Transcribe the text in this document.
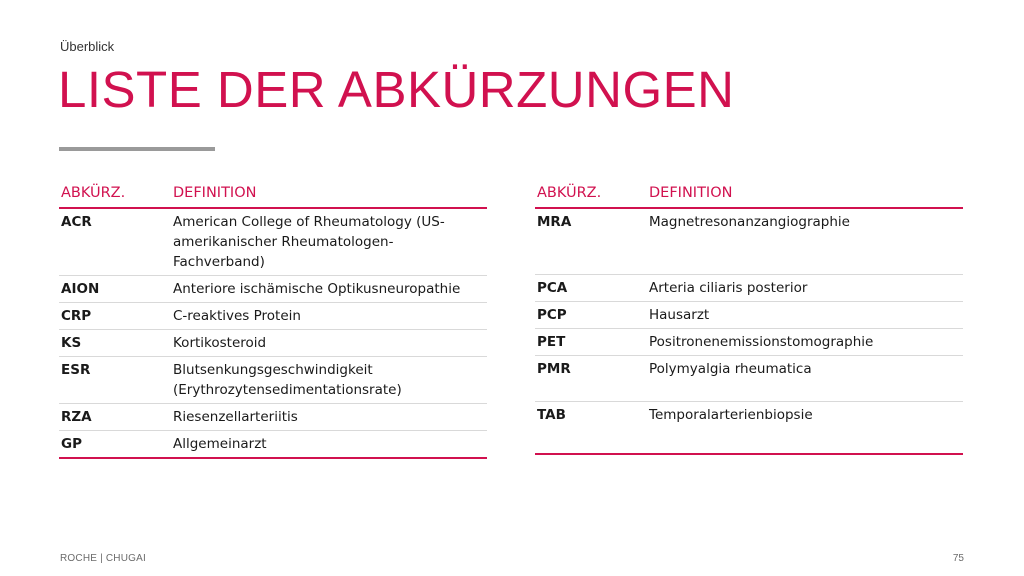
Überblick
LISTE DER ABKÜRZUNGEN
ABKÜRZ.	DEFINITION
ACR	American College of Rheumatology (US-amerikanischer Rheumatologen-Fachverband)
AION	Anteriore ischämische Optikusneuropathie
CRP	C-reaktives Protein
KS	Kortikosteroid
ESR	Blutsenkungsgeschwindigkeit (Erythrozytensedimentationsrate)
RZA	Riesenzellarteriitis
GP	Allgemeinarzt
ABKÜRZ.	DEFINITION
MRA	Magnetresonanzangiographie
PCA	Arteria ciliaris posterior
PCP	Hausarzt
PET	Positronenemissionstomographie
PMR	Polymyalgia rheumatica
TAB	Temporalarterienbiopsie
ROCHE | CHUGAI	75
